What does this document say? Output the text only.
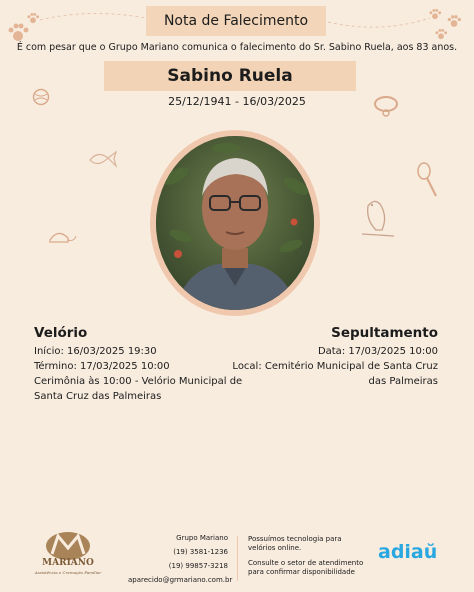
Nota de Falecimento
É com pesar que o Grupo Mariano comunica o falecimento do Sr. Sabino Ruela, aos 83 anos.
Sabino Ruela
25/12/1941 - 16/03/2025
Velório
Início: 16/03/2025 19:30
Término: 17/03/2025 10:00
Cerimônia às 10:00 - Velório Municipal de
Santa Cruz das Palmeiras
Sepultamento
Data: 17/03/2025 10:00
Local: Cemitério Municipal de Santa Cruz
das Palmeiras
MARIANO
Assistência e Cremação Familiar
Grupo Mariano
(19) 3581-1236
(19) 99857-3218
aparecido@grmariano.com.br
Possuímos tecnologia para velórios online.
Consulte o setor de atendimento para confirmar disponibilidade
adiaŭ
